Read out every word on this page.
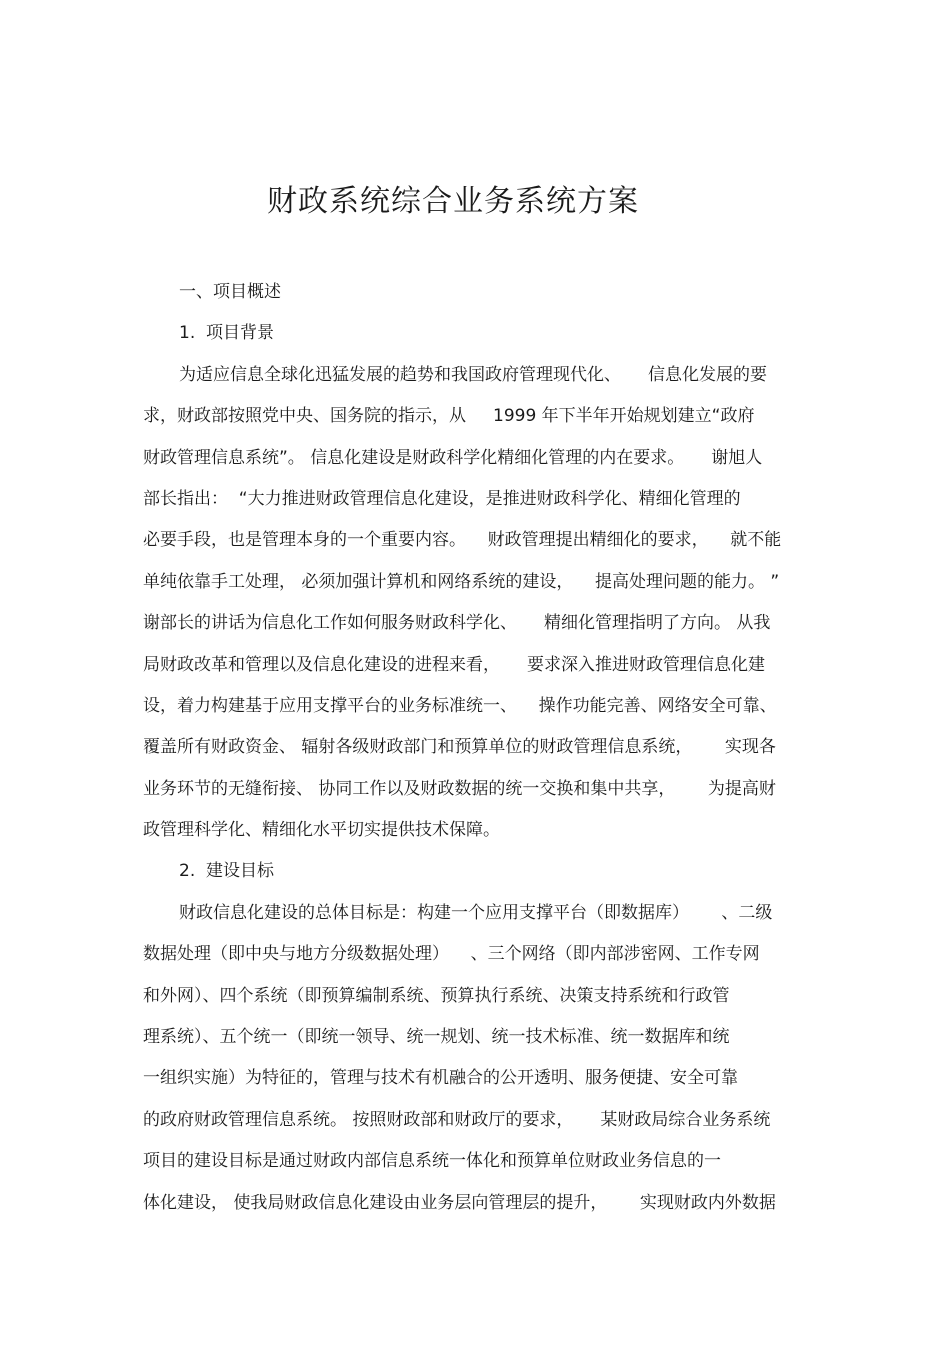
财政系统综合业务系统方案
一、项目概述
1.  项目背景
为适应信息全球化迅猛发展的趋势和我国政府管理现代化、     信息化发展的要
求，财政部按照党中央、国务院的指示，从     1999 年下半年开始规划建立“政府
财政管理信息系统”。 信息化建设是财政科学化精细化管理的内在要求。     谢旭人
部长指出：  “大力推进财政管理信息化建设，是推进财政科学化、精细化管理的
必要手段，也是管理本身的一个重要内容。    财政管理提出精细化的要求，    就不能
单纯依靠手工处理， 必须加强计算机和网络系统的建设，    提高处理问题的能力。 ”
谢部长的讲话为信息化工作如何服务财政科学化、     精细化管理指明了方向。 从我
局财政改革和管理以及信息化建设的进程来看，     要求深入推进财政管理信息化建
设，着力构建基于应用支撑平台的业务标准统一、    操作功能完善、网络安全可靠、
覆盖所有财政资金、 辐射各级财政部门和预算单位的财政管理信息系统，      实现各
业务环节的无缝衔接、 协同工作以及财政数据的统一交换和集中共享，      为提高财
政管理科学化、精细化水平切实提供技术保障。
2.  建设目标
财政信息化建设的总体目标是：构建一个应用支撑平台（即数据库）      、二级
数据处理（即中央与地方分级数据处理）    、三个网络（即内部涉密网、工作专网
和外网）、四个系统（即预算编制系统、预算执行系统、决策支持系统和行政管
理系统）、五个统一（即统一领导、统一规划、统一技术标准、统一数据库和统
一组织实施）为特征的，管理与技术有机融合的公开透明、服务便捷、安全可靠
的政府财政管理信息系统。 按照财政部和财政厅的要求，     某财政局综合业务系统
项目的建设目标是通过财政内部信息系统一体化和预算单位财政业务信息的一
体化建设， 使我局财政信息化建设由业务层向管理层的提升，      实现财政内外数据
